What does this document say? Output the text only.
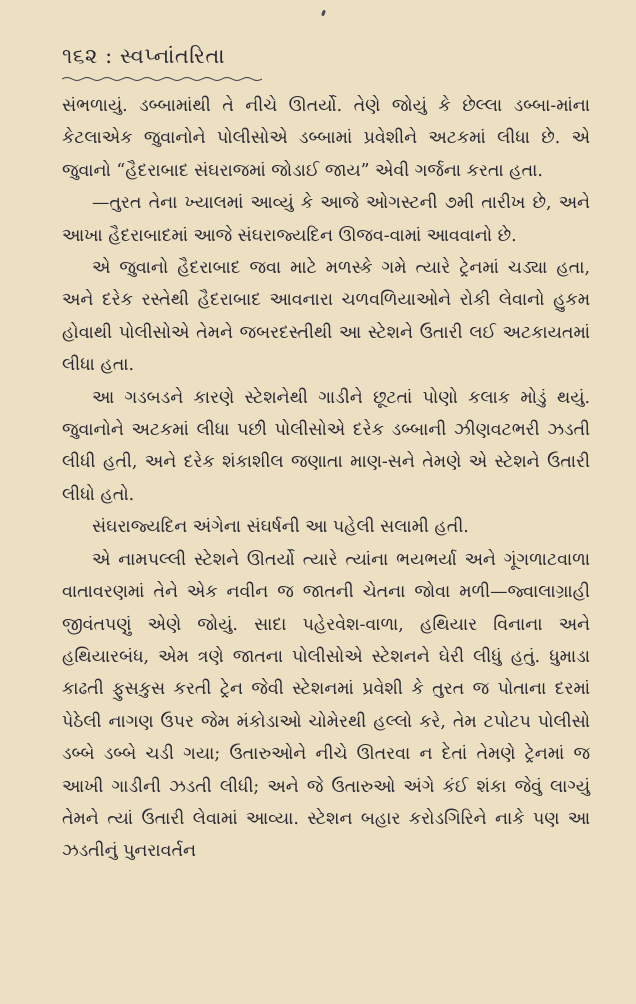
૧૬૨ : સ્વપ્નાંતરિતા

સંભળાયું. ડબ્બામાંથી તે નીચે ઊતર્યો. તેણે જોયું કે છેલ્લા ડબ્બા-માંના કેટલાએક જુવાનોને પોલીસોએ ડબ્બામાં પ્રવેશીને અટકમાં લીધા છે. એ જુવાનો “હૈદરાબાદ સંઘરાજમાં જોડાઈ જાય” એવી ગર્જના કરતા હતા.

—તુરત તેના ખ્યાલમાં આવ્યું કે આજે ઓગસ્ટની ૭મી તારીખ છે, અને આખા હૈદરાબાદમાં આજે સંઘરાજ્યદિન ઊજવ-વામાં આવવાનો છે.

એ જુવાનો હૈદરાબાદ જવા માટે મળસ્કે ગમે ત્યારે ટ્રેનમાં ચડ્યા હતા, અને દરેક રસ્તેથી હૈદરાબાદ આવનારા ચળવળિયાઓને રોકી લેવાનો હુકમ હોવાથી પોલીસોએ તેમને જબરદસ્તીથી આ સ્ટેશને ઉતારી લઈ અટકાયતમાં લીધા હતા.

આ ગડબડને કારણે સ્ટેશનેથી ગાડીને છૂટતાં પોણો કલાક મોડું થયું. જુવાનોને અટકમાં લીધા પછી પોલીસોએ દરેક ડબ્બાની ઝીણવટભરી ઝડતી લીધી હતી, અને દરેક શંકાશીલ જણાતા માણ-સને તેમણે એ સ્ટેશને ઉતારી લીધો હતો.

સંઘરાજ્યદિન અંગેના સંઘર્ષની આ પહેલી સલામી હતી.

એ નામપલ્લી સ્ટેશને ઊતર્યો ત્યારે ત્યાંના ભયભર્યા અને ગૂંગળાટવાળા વાતાવરણમાં તેને એક નવીન જ જાતની ચેતના જોવા મળી—જ્વાલાગ્રાહી જીવંતપણું એણે જોયું. સાદા પહેરવેશ-વાળા, હથિયાર વિનાના અને હથિયારબંધ, એમ ત્રણે જાતના પોલીસોએ સ્ટેશનને ઘેરી લીધું હતું. ધુમાડા કાઢતી ફુસકુસ કરતી ટ્રેન જેવી સ્ટેશનમાં પ્રવેશી કે તુરત જ પોતાના દરમાં પેઠેલી નાગણ ઉપર જેમ મંકોડાઓ ચોમેરથી હલ્લો કરે, તેમ ટપોટપ પોલીસો ડબ્બે ડબ્બે ચડી ગયા; ઉતારુઓને નીચે ઊતરવા ન દેતાં તેમણે ટ્રેનમાં જ આખી ગાડીની ઝડતી લીધી; અને જે ઉતારુઓ અંગે કંઈ શંકા જેવું લાગ્યું તેમને ત્યાં ઉતારી લેવામાં આવ્યા. સ્ટેશન બહાર કરોડગિરિને નાકે પણ આ ઝડતીનું પુનરાવર્તન
